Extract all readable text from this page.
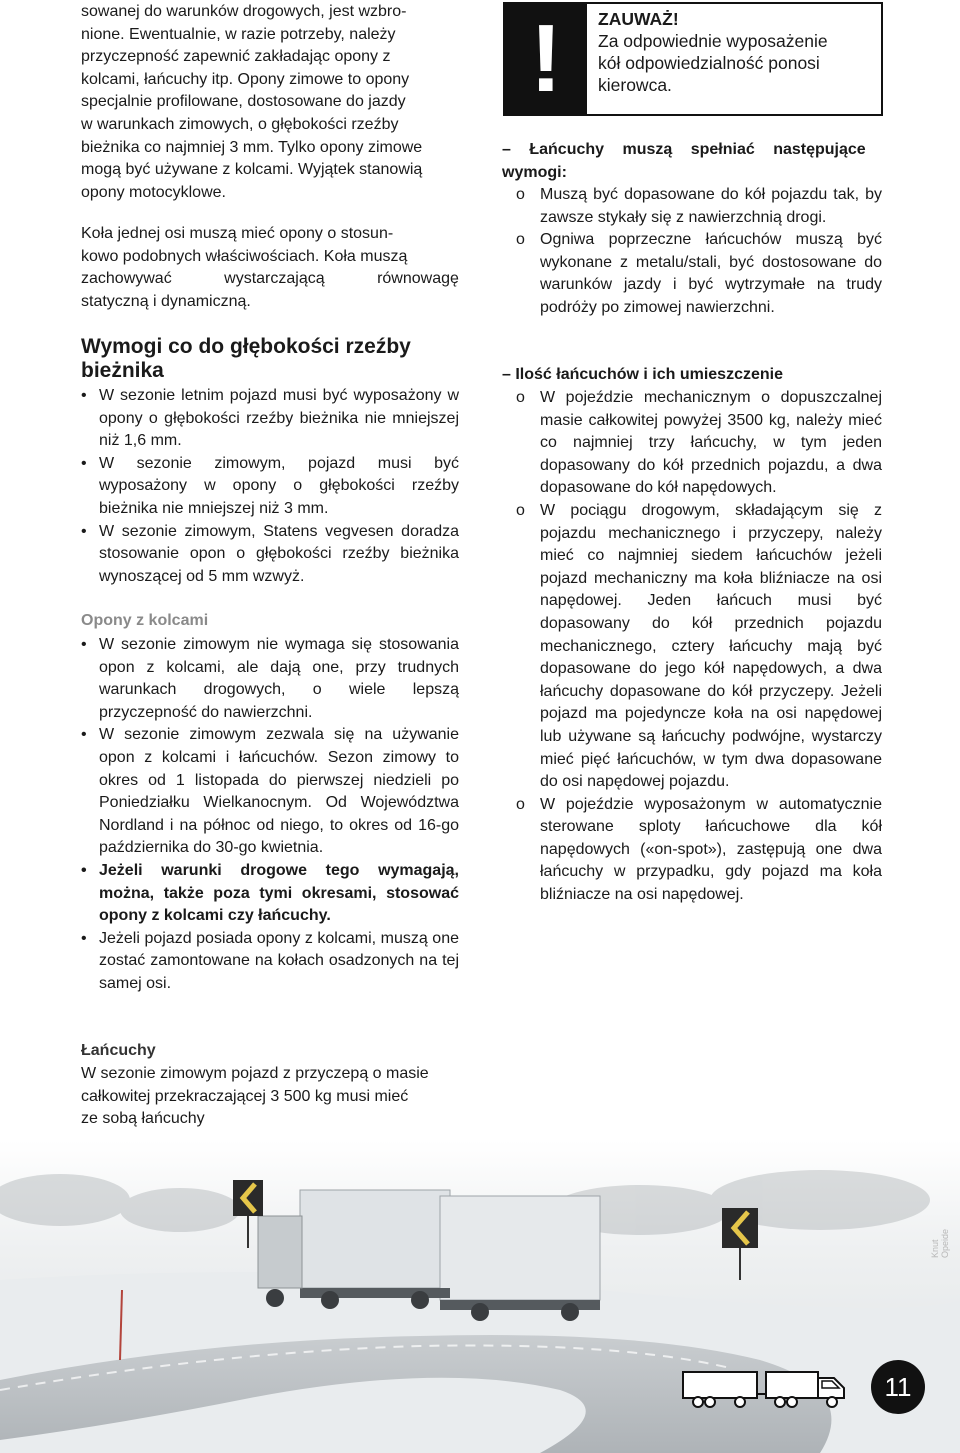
sowanej do warunków drogowych, jest wzbro-
nione. Ewentualnie, w razie potrzeby, należy
przyczepność zapewnić zakładając opony z
kolcami, łańcuchy itp. Opony zimowe to opony
specjalnie profilowane, dostosowane do jazdy
w warunkach zimowych, o głębokości rzeźby
bieżnika co najmniej 3 mm. Tylko opony zimowe
mogą być używane z kolcami. Wyjątek stanowią
opony motocyklowe.
Koła jednej osi muszą mieć opony o stosun-
kowo podobnych właściwościach. Koła muszą
zachowywać wystarczającą równowagę
statyczną i dynamiczną.
Wymogi co do głębokości rzeźby
bieżnika
• W sezonie letnim pojazd musi być wyposażony w opony o głębokości rzeźby bieżnika nie mniejszej niż 1,6 mm.
• W sezonie zimowym, pojazd musi być wyposażony w opony o głębokości rzeźby bieżnika nie mniejszej niż 3 mm.
• W sezonie zimowym, Statens vegvesen doradza stosowanie opon o głębokości rzeźby bieżnika wynoszącej od 5 mm wzwyż.
Opony z kolcami
• W sezonie zimowym nie wymaga się stosowania opon z kolcami, ale dają one, przy trudnych warunkach drogowych, o wiele lepszą przyczepność do nawierzchni.
• W sezonie zimowym zezwala się na używanie opon z kolcami i łańcuchów. Sezon zimowy to okres od 1 listopada do pierwszej niedzieli po Poniedziałku Wielkanocnym. Od Województwa Nordland i na północ od niego, to okres od 16-go października do 30-go kwietnia.
• Jeżeli warunki drogowe tego wymagają, można, także poza tymi okresami, stosować opony z kolcami czy łańcuchy.
• Jeżeli pojazd posiada opony z kolcami, muszą one zostać zamontowane na kołach osadzonych na tej samej osi.
Łańcuchy
W sezonie zimowym pojazd z przyczepą o masie
całkowitej przekraczającej 3 500 kg musi mieć
ze sobą łańcuchy
!	ZAUWAŻ!
Za odpowiednie wyposażenie
kół odpowiedzialność ponosi
kierowca.
– Łańcuchy muszą spełniać następujące
wymogi:
o Muszą być dopasowane do kół pojazdu tak, by zawsze stykały się z nawierzchnią drogi.
o Ogniwa poprzeczne łańcuchów muszą być wykonane z metalu/stali, być dostosowane do warunków jazdy i być wytrzymałe na trudy podróży po zimowej nawierzchni.
– Ilość łańcuchów i ich umieszczenie
o W pojeździe mechanicznym o dopuszczalnej masie całkowitej powyżej 3500 kg, należy mieć co najmniej trzy łańcuchy, w tym jeden dopasowany do kół przednich pojazdu, a dwa dopasowane do kół napędowych.
o W pociągu drogowym, składającym się z pojazdu mechanicznego i przyczepy, należy mieć co najmniej siedem łańcuchów jeżeli pojazd mechaniczny ma koła bliźniacze na osi napędowej. Jeden łańcuch musi być dopasowany do kół przednich pojazdu mechanicznego, cztery łańcuchy mają być dopasowane do jego kół napędowych, a dwa łańcuchy dopasowane do kół przyczepy. Jeżeli pojazd ma pojedyncze koła na osi napędowej lub używane są łańcuchy podwójne, wystarczy mieć pięć łańcuchów, w tym dwa dopasowane do osi napędowej pojazdu.
o W pojeździe wyposażonym w automatycznie sterowane sploty łańcuchowe dla kół napędowych («on-spot»), zastępują one dwa łańcuchy w przypadku, gdy pojazd ma koła bliźniacze na osi napędowej.
Knut Opeide
11
